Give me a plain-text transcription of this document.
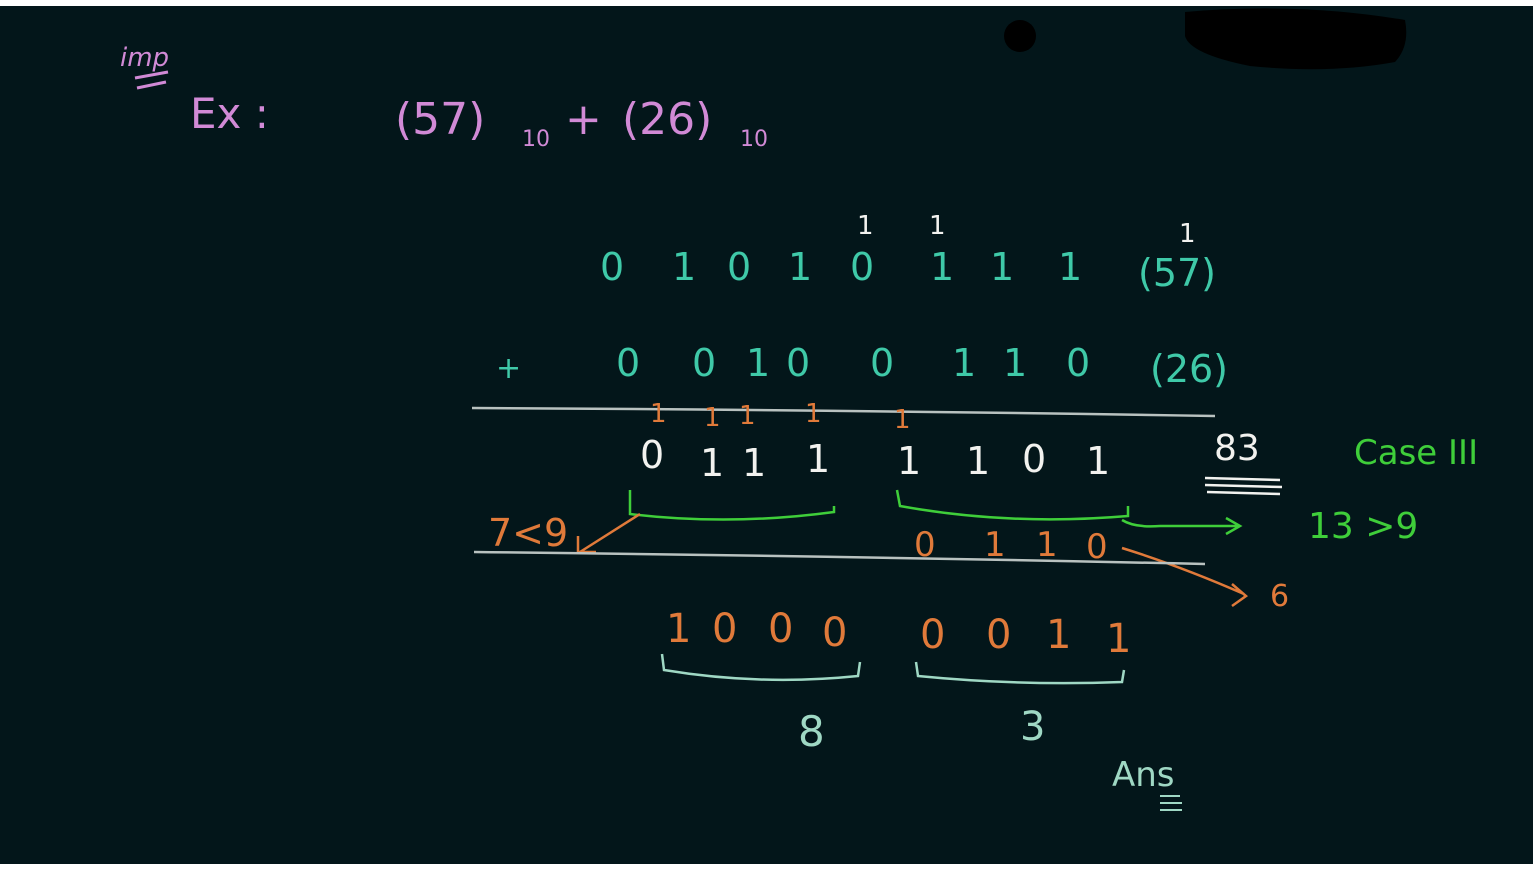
imp
Ex :	(57) 10 + (26) 10
1 1	1
0 1 0 1 0 1 1 1 (57)
+ 0 0 1 0 0 1 1 0 (26)
1 1 1 1	1
0 1 1 1 1 1 0 1	83	Case III
13 >9
7<9	0 1 1 0
6
1 0 0 0 0 0 1 1
8	3
Ans
